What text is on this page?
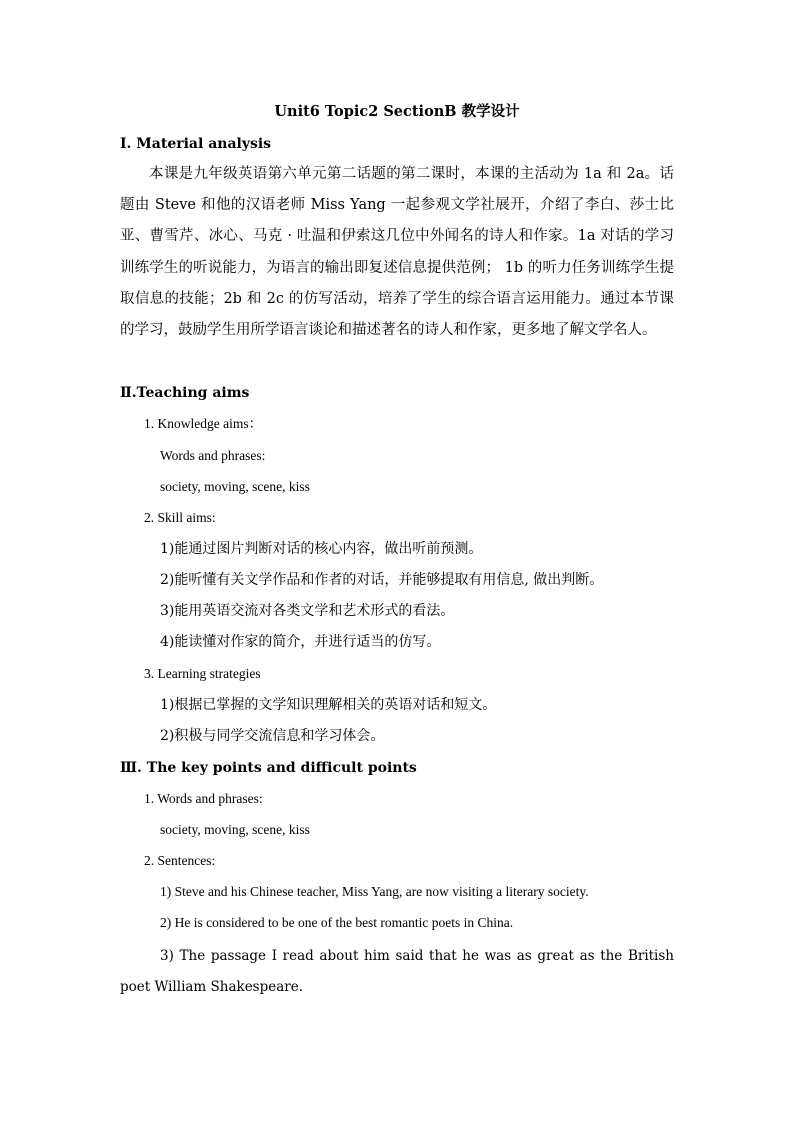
Unit6 Topic2 SectionB 教学设计
Ⅰ. Material analysis

本课是九年级英语第六单元第二话题的第二课时，本课的主活动为 1a 和 2a。话题由 Steve 和他的汉语老师 Miss Yang 一起参观文学社展开，介绍了李白、莎士比亚、曹雪芹、冰心、马克 · 吐温和伊索这几位中外闻名的诗人和作家。1a 对话的学习训练学生的听说能力，为语言的输出即复述信息提供范例； 1b 的听力任务训练学生提取信息的技能；2b 和 2c 的仿写活动，培养了学生的综合语言运用能力。通过本节课的学习，鼓励学生用所学语言谈论和描述著名的诗人和作家，更多地了解文学名人。

Ⅱ.Teaching aims
1. Knowledge aims：
Words and phrases:
society, moving, scene, kiss
2. Skill aims:
1)能通过图片判断对话的核心内容，做出听前预测。
2)能听懂有关文学作品和作者的对话，并能够提取有用信息, 做出判断。
3)能用英语交流对各类文学和艺术形式的看法。
4)能读懂对作家的简介，并进行适当的仿写。
3. Learning strategies
1)根据已掌握的文学知识理解相关的英语对话和短文。
2)积极与同学交流信息和学习体会。
Ⅲ. The key points and difficult points
1. Words and phrases:
society, moving, scene, kiss
2. Sentences:
1) Steve and his Chinese teacher, Miss Yang, are now visiting a literary society.
2) He is considered to be one of the best romantic poets in China.

3) The passage I read about him said that he was as great as the British poet William Shakespeare.
